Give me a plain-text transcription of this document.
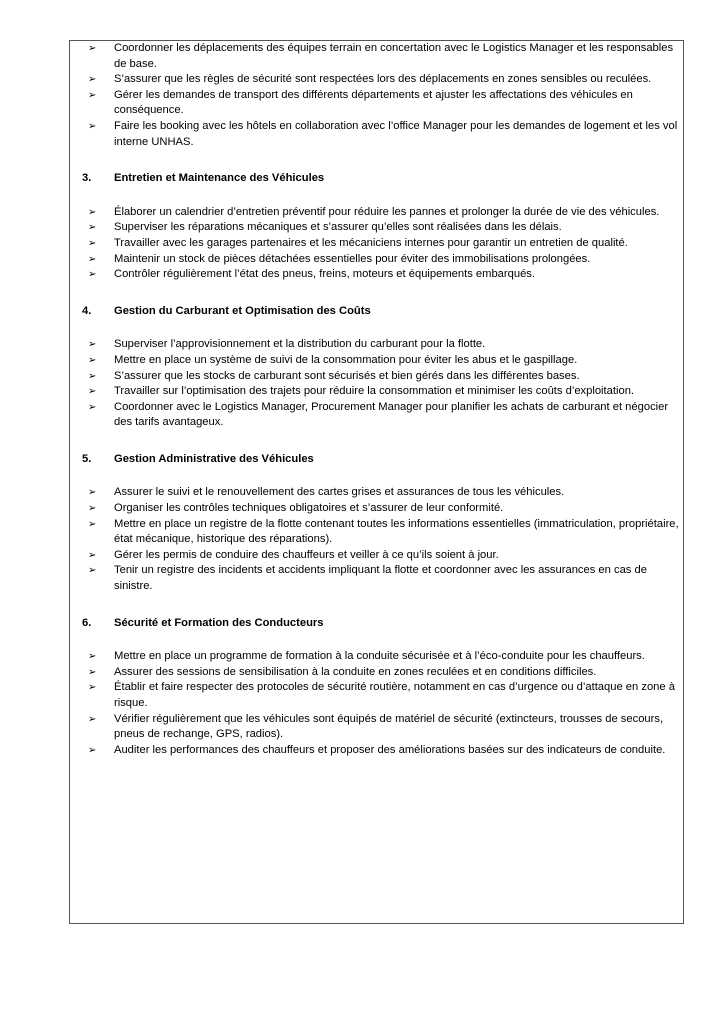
➢ Coordonner les déplacements des équipes terrain en concertation avec le Logistics Manager et les responsables de base.
➢ S’assurer que les règles de sécurité sont respectées lors des déplacements en zones sensibles ou reculées.
➢ Gérer les demandes de transport des différents départements et ajuster les affectations des véhicules en conséquence.
➢ Faire les booking avec les hôtels en collaboration avec l’office Manager pour les demandes de logement et les vol interne UNHAS.
3. Entretien et Maintenance des Véhicules
➢ Élaborer un calendrier d’entretien préventif pour réduire les pannes et prolonger la durée de vie des véhicules.
➢ Superviser les réparations mécaniques et s’assurer qu’elles sont réalisées dans les délais.
➢ Travailler avec les garages partenaires et les mécaniciens internes pour garantir un entretien de qualité.
➢ Maintenir un stock de pièces détachées essentielles pour éviter des immobilisations prolongées.
➢ Contrôler régulièrement l’état des pneus, freins, moteurs et équipements embarqués.
4. Gestion du Carburant et Optimisation des Coûts
➢ Superviser l’approvisionnement et la distribution du carburant pour la flotte.
➢ Mettre en place un système de suivi de la consommation pour éviter les abus et le gaspillage.
➢ S’assurer que les stocks de carburant sont sécurisés et bien gérés dans les différentes bases.
➢ Travailler sur l’optimisation des trajets pour réduire la consommation et minimiser les coûts d’exploitation.
➢ Coordonner avec le Logistics Manager, Procurement Manager pour planifier les achats de carburant et négocier des tarifs avantageux.
5. Gestion Administrative des Véhicules
➢ Assurer le suivi et le renouvellement des cartes grises et assurances de tous les véhicules.
➢ Organiser les contrôles techniques obligatoires et s’assurer de leur conformité.
➢ Mettre en place un registre de la flotte contenant toutes les informations essentielles (immatriculation, propriétaire, état mécanique, historique des réparations).
➢ Gérer les permis de conduire des chauffeurs et veiller à ce qu’ils soient à jour.
➢ Tenir un registre des incidents et accidents impliquant la flotte et coordonner avec les assurances en cas de sinistre.
6. Sécurité et Formation des Conducteurs
➢ Mettre en place un programme de formation à la conduite sécurisée et à l’éco-conduite pour les chauffeurs.
➢ Assurer des sessions de sensibilisation à la conduite en zones reculées et en conditions difficiles.
➢ Établir et faire respecter des protocoles de sécurité routière, notamment en cas d’urgence ou d’attaque en zone à risque.
➢ Vérifier régulièrement que les véhicules sont équipés de matériel de sécurité (extincteurs, trousses de secours, pneus de rechange, GPS, radios).
➢ Auditer les performances des chauffeurs et proposer des améliorations basées sur des indicateurs de conduite.
